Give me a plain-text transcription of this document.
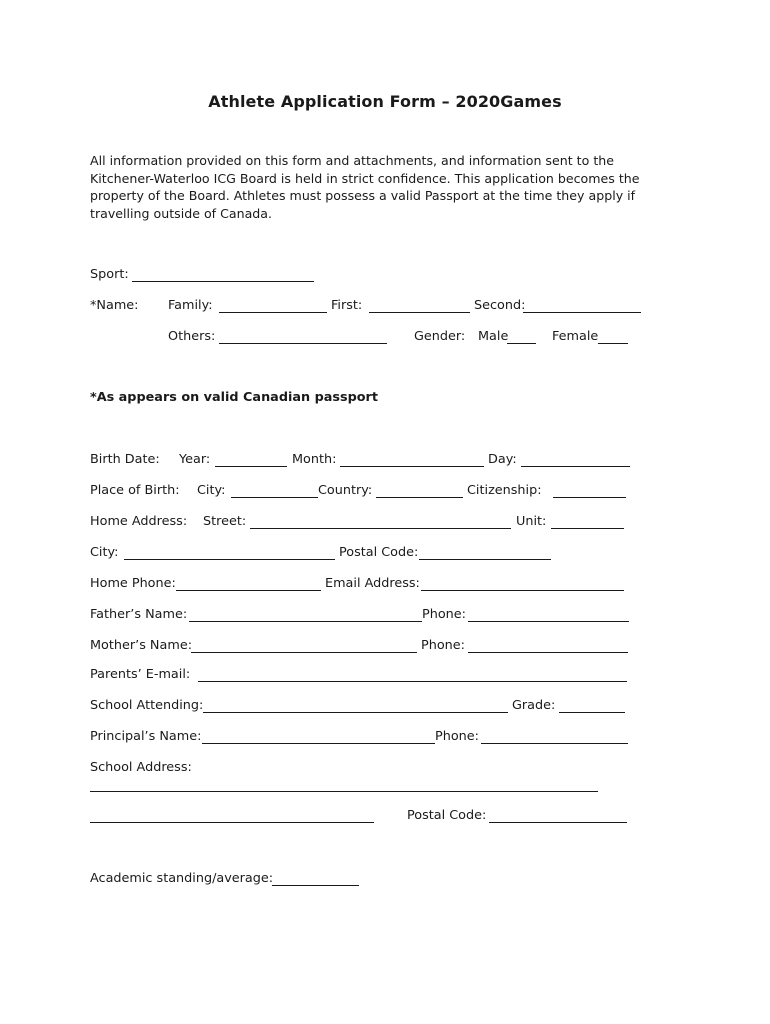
Athlete Application Form – 2020Games
All information provided on this form and attachments, and information sent to the Kitchener-Waterloo ICG Board is held in strict confidence. This application becomes the property of the Board. Athletes must possess a valid Passport at the time they apply if travelling outside of Canada.
Sport:
*Name: Family:	First:	Second:
Others:	Gender: Male	Female
*As appears on valid Canadian passport
Birth Date: Year:	Month:	Day:
Place of Birth: City:	Country:	Citizenship:
Home Address: Street:	Unit:
City:	Postal Code:
Home Phone:	Email Address:
Father’s Name:	Phone:
Mother’s Name:	Phone:
Parents’ E-mail:
School Attending:	Grade:
Principal’s Name:	Phone:
School Address:
Postal Code:
Academic standing/average:
